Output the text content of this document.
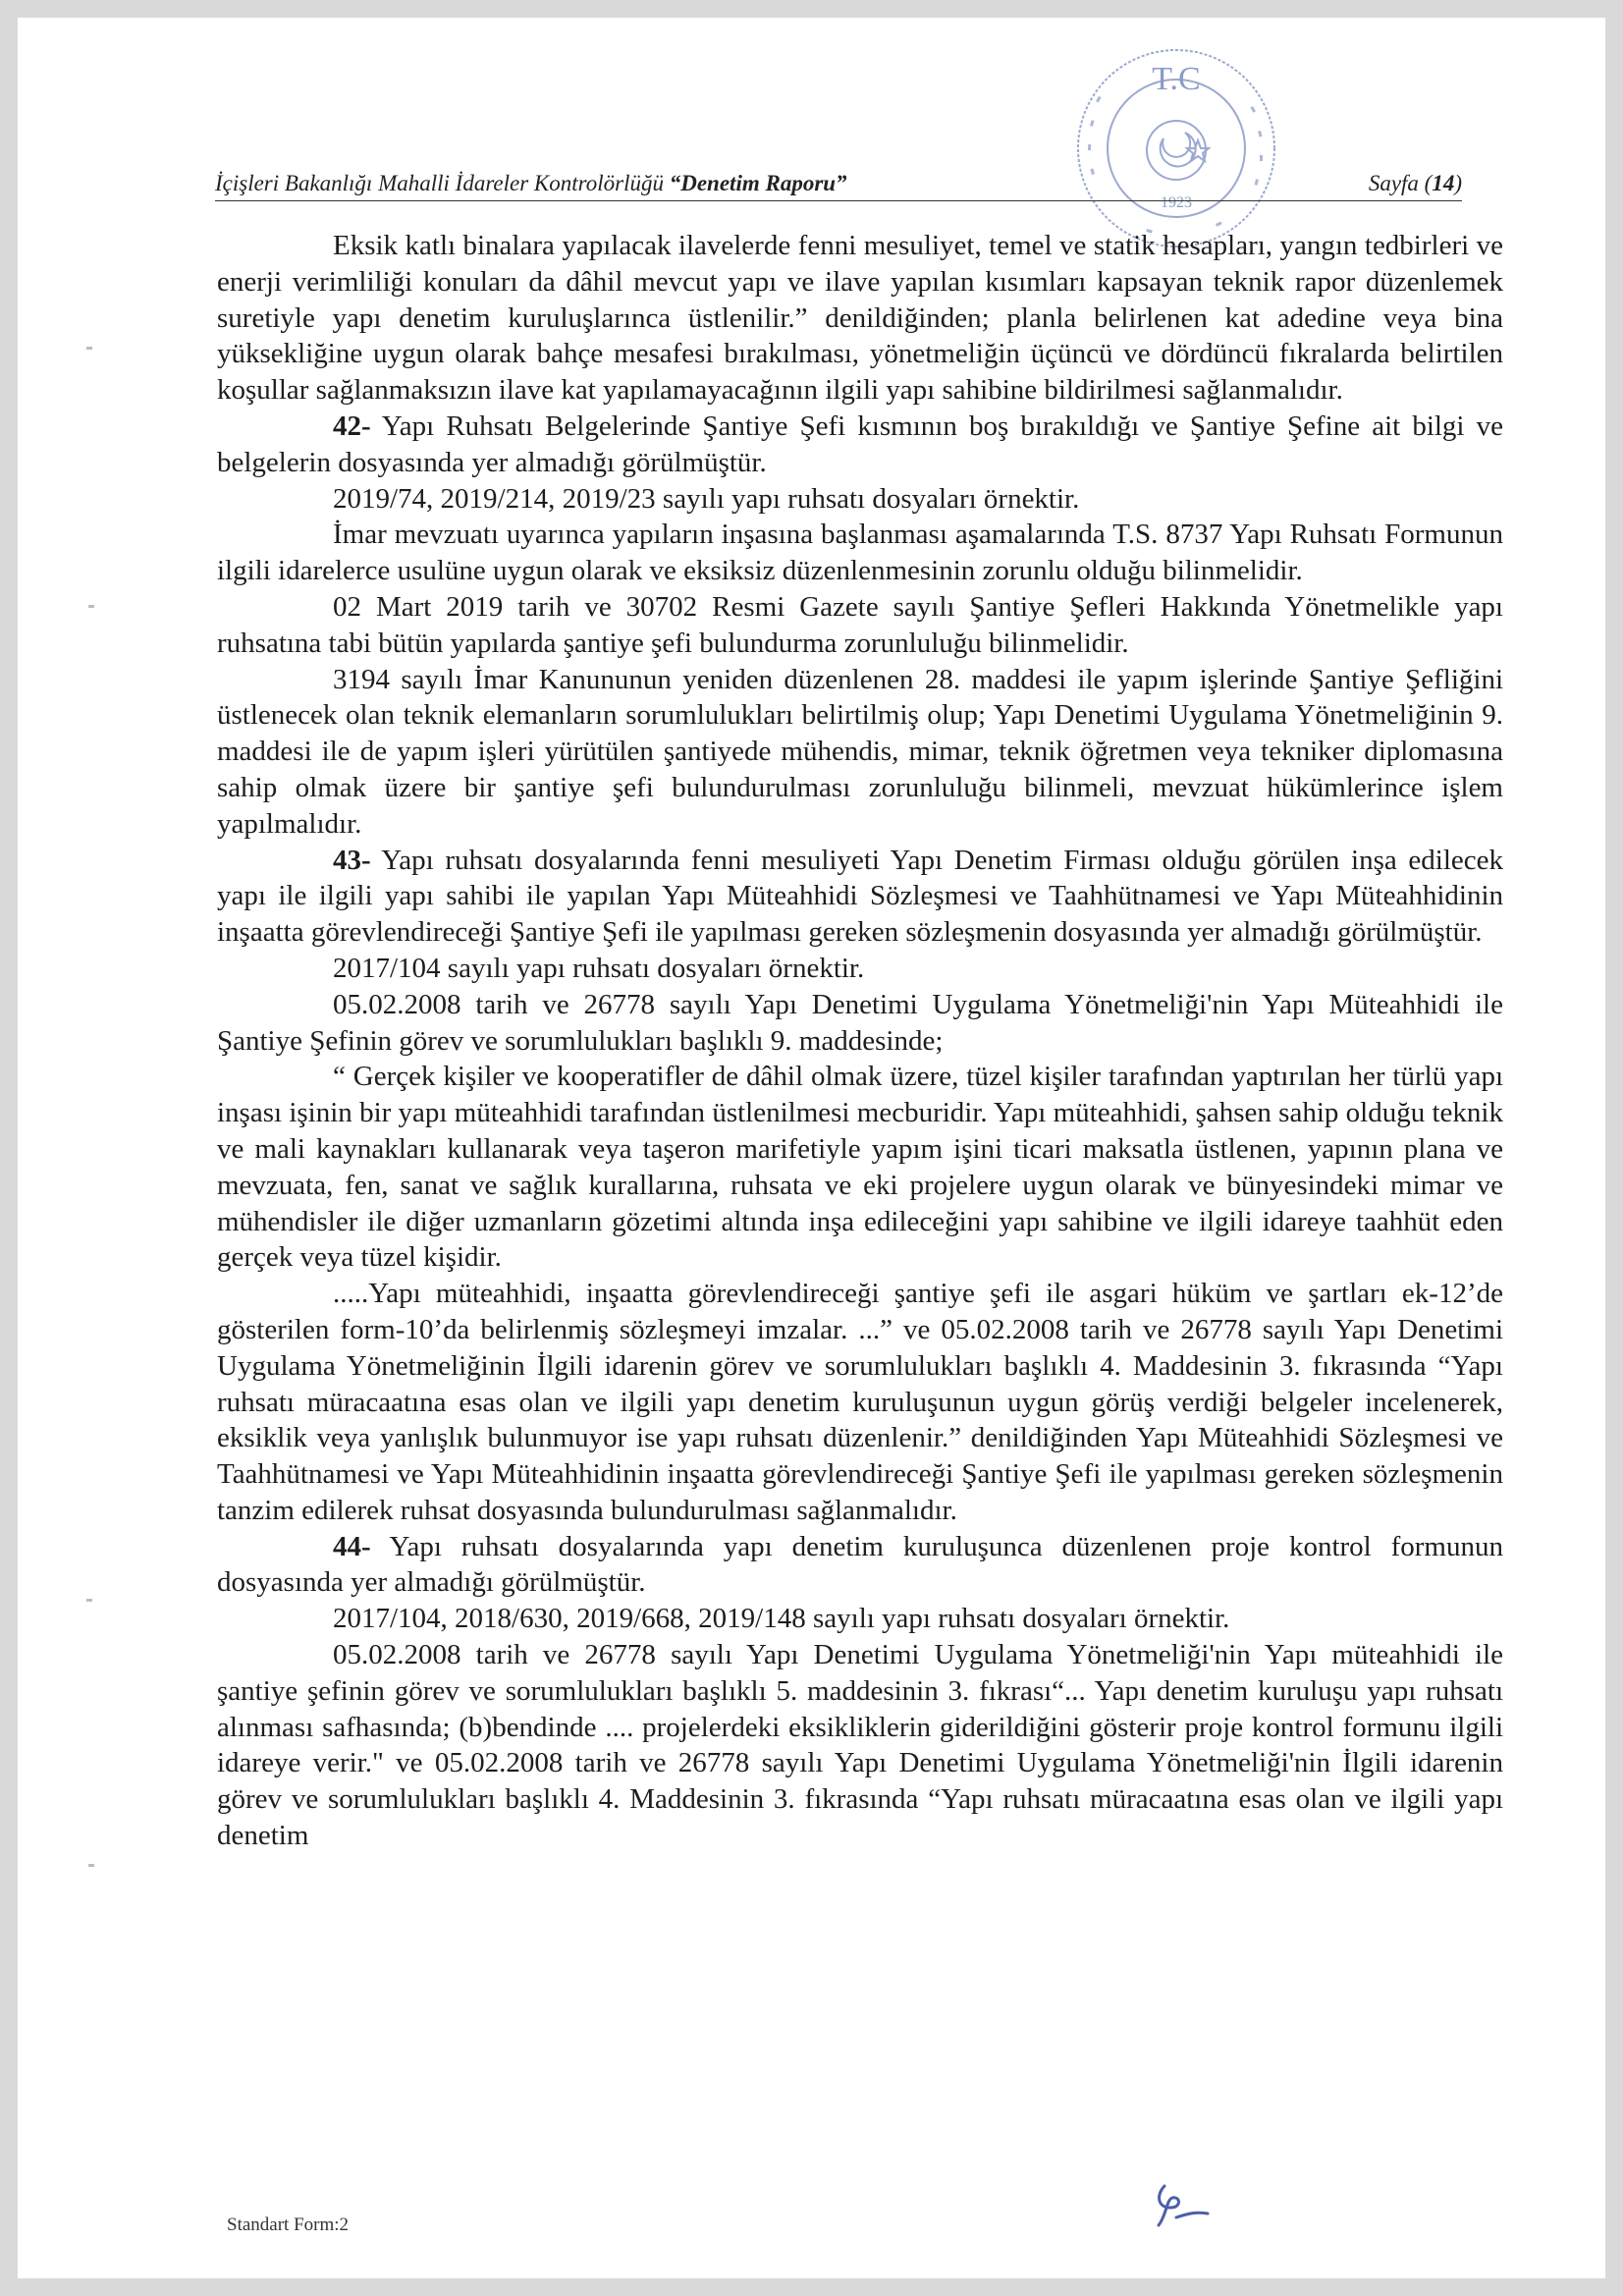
T.C
1923
İçişleri Bakanlığı Mahalli İdareler Kontrolörlüğü “Denetim Raporu”	Sayfa (14)

Eksik katlı binalara yapılacak ilavelerde fenni mesuliyet, temel ve statik hesapları, yangın tedbirleri ve enerji verimliliği konuları da dâhil mevcut yapı ve ilave yapılan kısımları kapsayan teknik rapor düzenlemek suretiyle yapı denetim kuruluşlarınca üstlenilir.” denildiğinden; planla belirlenen kat adedine veya bina yüksekliğine uygun olarak bahçe mesafesi bırakılması, yönetmeliğin üçüncü ve dördüncü fıkralarda belirtilen koşullar sağlanmaksızın ilave kat yapılamayacağının ilgili yapı sahibine bildirilmesi sağlanmalıdır.

42- Yapı Ruhsatı Belgelerinde Şantiye Şefi kısmının boş bırakıldığı ve Şantiye Şefine ait bilgi ve belgelerin dosyasında yer almadığı görülmüştür.

2019/74, 2019/214, 2019/23 sayılı yapı ruhsatı dosyaları örnektir.

İmar mevzuatı uyarınca yapıların inşasına başlanması aşamalarında T.S. 8737 Yapı Ruhsatı Formunun ilgili idarelerce usulüne uygun olarak ve eksiksiz düzenlenmesinin zorunlu olduğu bilinmelidir.

02 Mart 2019 tarih ve 30702 Resmi Gazete sayılı Şantiye Şefleri Hakkında Yönetmelikle yapı ruhsatına tabi bütün yapılarda şantiye şefi bulundurma zorunluluğu bilinmelidir.

3194 sayılı İmar Kanununun yeniden düzenlenen 28. maddesi ile yapım işlerinde Şantiye Şefliğini üstlenecek olan teknik elemanların sorumlulukları belirtilmiş olup; Yapı Denetimi Uygulama Yönetmeliğinin 9. maddesi ile de yapım işleri yürütülen şantiyede mühendis, mimar, teknik öğretmen veya tekniker diplomasına sahip olmak üzere bir şantiye şefi bulundurulması zorunluluğu bilinmeli, mevzuat hükümlerince işlem yapılmalıdır.

43- Yapı ruhsatı dosyalarında fenni mesuliyeti Yapı Denetim Firması olduğu görülen inşa edilecek yapı ile ilgili yapı sahibi ile yapılan Yapı Müteahhidi Sözleşmesi ve Taahhütnamesi ve Yapı Müteahhidinin inşaatta görevlendireceği Şantiye Şefi ile yapılması gereken sözleşmenin dosyasında yer almadığı görülmüştür.

2017/104 sayılı yapı ruhsatı dosyaları örnektir.

05.02.2008 tarih ve 26778 sayılı Yapı Denetimi Uygulama Yönetmeliği'nin Yapı Müteahhidi ile Şantiye Şefinin görev ve sorumlulukları başlıklı 9. maddesinde;

“ Gerçek kişiler ve kooperatifler de dâhil olmak üzere, tüzel kişiler tarafından yaptırılan her türlü yapı inşası işinin bir yapı müteahhidi tarafından üstlenilmesi mecburidir. Yapı müteahhidi, şahsen sahip olduğu teknik ve mali kaynakları kullanarak veya taşeron marifetiyle yapım işini ticari maksatla üstlenen, yapının plana ve mevzuata, fen, sanat ve sağlık kurallarına, ruhsata ve eki projelere uygun olarak ve bünyesindeki mimar ve mühendisler ile diğer uzmanların gözetimi altında inşa edileceğini yapı sahibine ve ilgili idareye taahhüt eden gerçek veya tüzel kişidir.

.....Yapı müteahhidi, inşaatta görevlendireceği şantiye şefi ile asgari hüküm ve şartları ek-12’de gösterilen form-10’da belirlenmiş sözleşmeyi imzalar. ...” ve 05.02.2008 tarih ve 26778 sayılı Yapı Denetimi Uygulama Yönetmeliğinin İlgili idarenin görev ve sorumlulukları başlıklı 4. Maddesinin 3. fıkrasında “Yapı ruhsatı müracaatına esas olan ve ilgili yapı denetim kuruluşunun uygun görüş verdiği belgeler incelenerek, eksiklik veya yanlışlık bulunmuyor ise yapı ruhsatı düzenlenir.” denildiğinden Yapı Müteahhidi Sözleşmesi ve Taahhütnamesi ve Yapı Müteahhidinin inşaatta görevlendireceği Şantiye Şefi ile yapılması gereken sözleşmenin tanzim edilerek ruhsat dosyasında bulundurulması sağlanmalıdır.

44- Yapı ruhsatı dosyalarında yapı denetim kuruluşunca düzenlenen proje kontrol formunun dosyasında yer almadığı görülmüştür.

2017/104, 2018/630, 2019/668, 2019/148 sayılı yapı ruhsatı dosyaları örnektir.

05.02.2008 tarih ve 26778 sayılı Yapı Denetimi Uygulama Yönetmeliği'nin Yapı müteahhidi ile şantiye şefinin görev ve sorumlulukları başlıklı 5. maddesinin 3. fıkrası“... Yapı denetim kuruluşu yapı ruhsatı alınması safhasında; (b)bendinde .... projelerdeki eksikliklerin giderildiğini gösterir proje kontrol formunu ilgili idareye verir." ve 05.02.2008 tarih ve 26778 sayılı Yapı Denetimi Uygulama Yönetmeliği'nin İlgili idarenin görev ve sorumlulukları başlıklı 4. Maddesinin 3. fıkrasında “Yapı ruhsatı müracaatına esas olan ve ilgili yapı denetim

Standart Form:2
